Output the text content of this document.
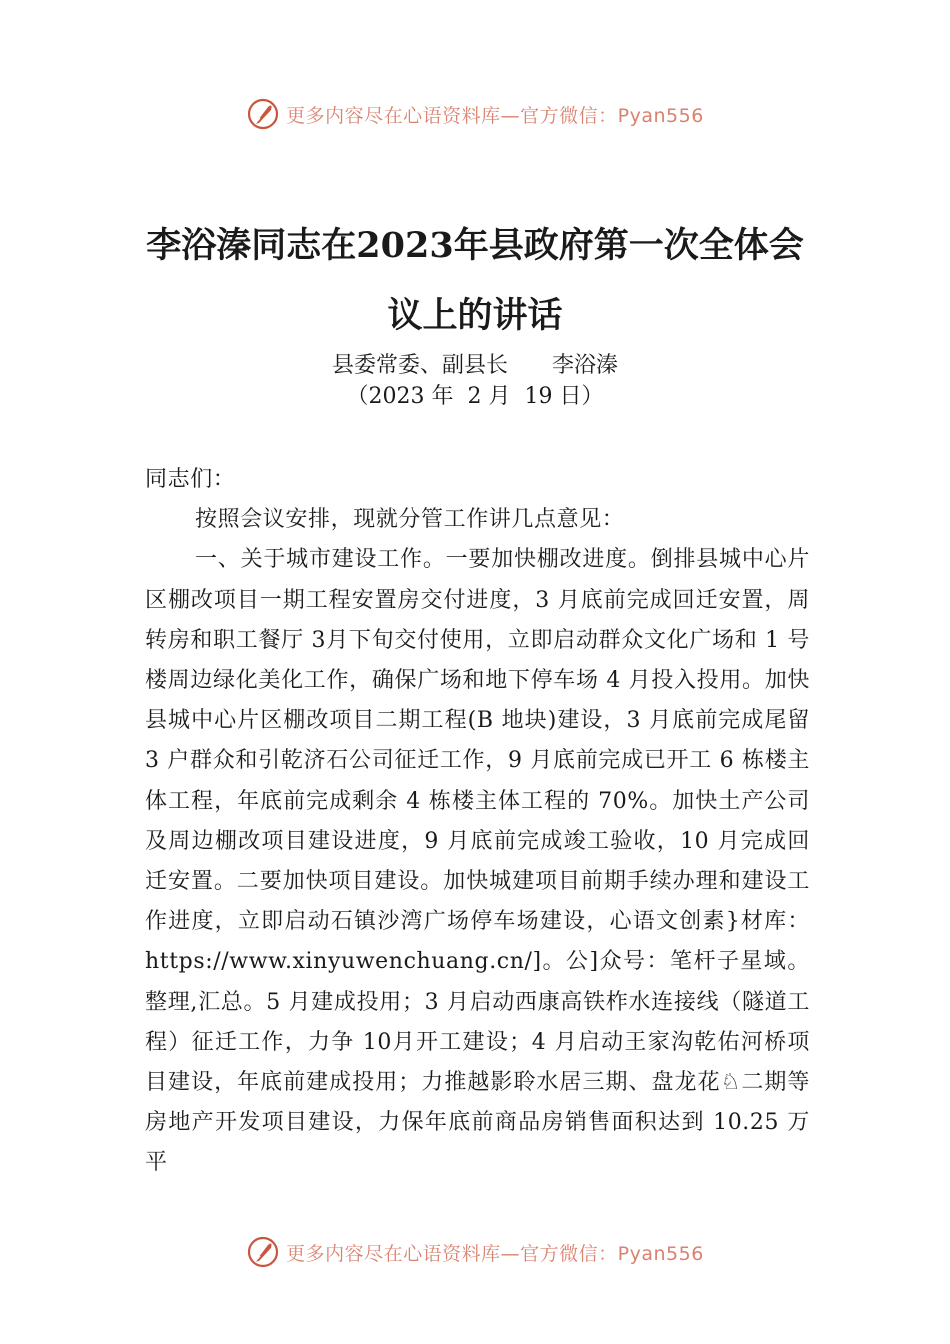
更多内容尽在心语资料库—官方微信：Pyan556
李浴溱同志在2023年县政府第一次全体会
议上的讲话
县委常委、副县长　　李浴溱
（2023 年  2 月  19 日）

同志们：

按照会议安排，现就分管工作讲几点意见：

一、关于城市建设工作。一要加快棚改进度。倒排县城中心片区棚改项目一期工程安置房交付进度，3 月底前完成回迁安置，周转房和职工餐厅 3月下旬交付使用，立即启动群众文化广场和 1 号楼周边绿化美化工作，确保广场和地下停车场 4 月投入投用。加快县城中心片区棚改项目二期工程(B 地块)建设，3 月底前完成尾留 3 户群众和引乾济石公司征迁工作，9 月底前完成已开工 6 栋楼主体工程，年底前完成剩余 4 栋楼主体工程的 70%。加快土产公司及周边棚改项目建设进度，9 月底前完成竣工验收，10 月完成回迁安置。二要加快项目建设。加快城建项目前期手续办理和建设工作进度，立即启动石镇沙湾广场停车场建设，心语文创素}材库：https://www.xinyuwenchuang.cn/]。公]众号：笔杆子星域。整理,汇总。5 月建成投用；3 月启动西康高铁柞水连接线（隧道工程）征迁工作，力争 10月开工建设；4 月启动王家沟乾佑河桥项目建设，年底前建成投用；力推越影聆水居三期、盘龙花♘二期等房地产开发项目建设，力保年底前商品房销售面积达到 10.25 万平

更多内容尽在心语资料库—官方微信：Pyan556
